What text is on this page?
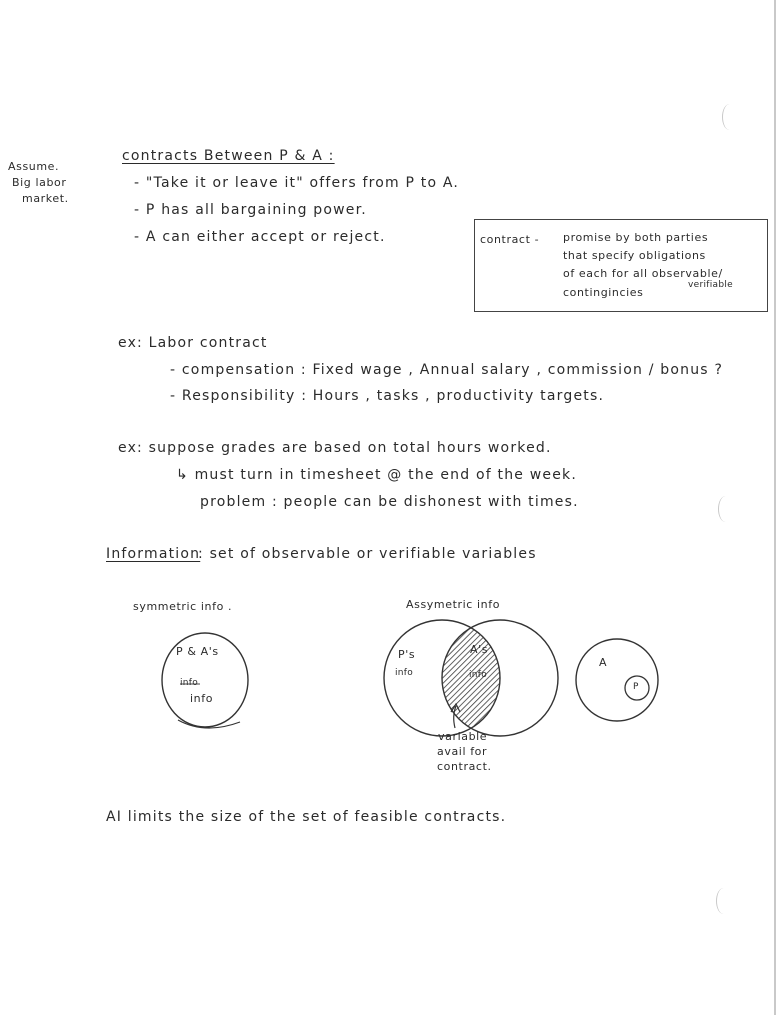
Assume.
Big labor
market.
contracts Between P & A :
- "Take it or leave it" offers from P to A.
- P has all bargaining power.
- A can either accept or reject.	contract - promise by both parties
that specify obligations
of each for all observable/
contingincies
verifiable
ex: Labor contract
- compensation : Fixed wage , Annual salary , commission / bonus ?
- Responsibility : Hours , tasks , productivity targets.
ex: suppose grades are based on total hours worked.
↳ must turn in timesheet @ the end of the week.
problem : people can be dishonest with times.
Information
: set of observable or verifiable variables
symmetric info .
P & A's
info
info
Assymetric info
P's
info
A's
info
variable
avail for
contract.
A
P
AI limits the size of the set of feasible contracts.
